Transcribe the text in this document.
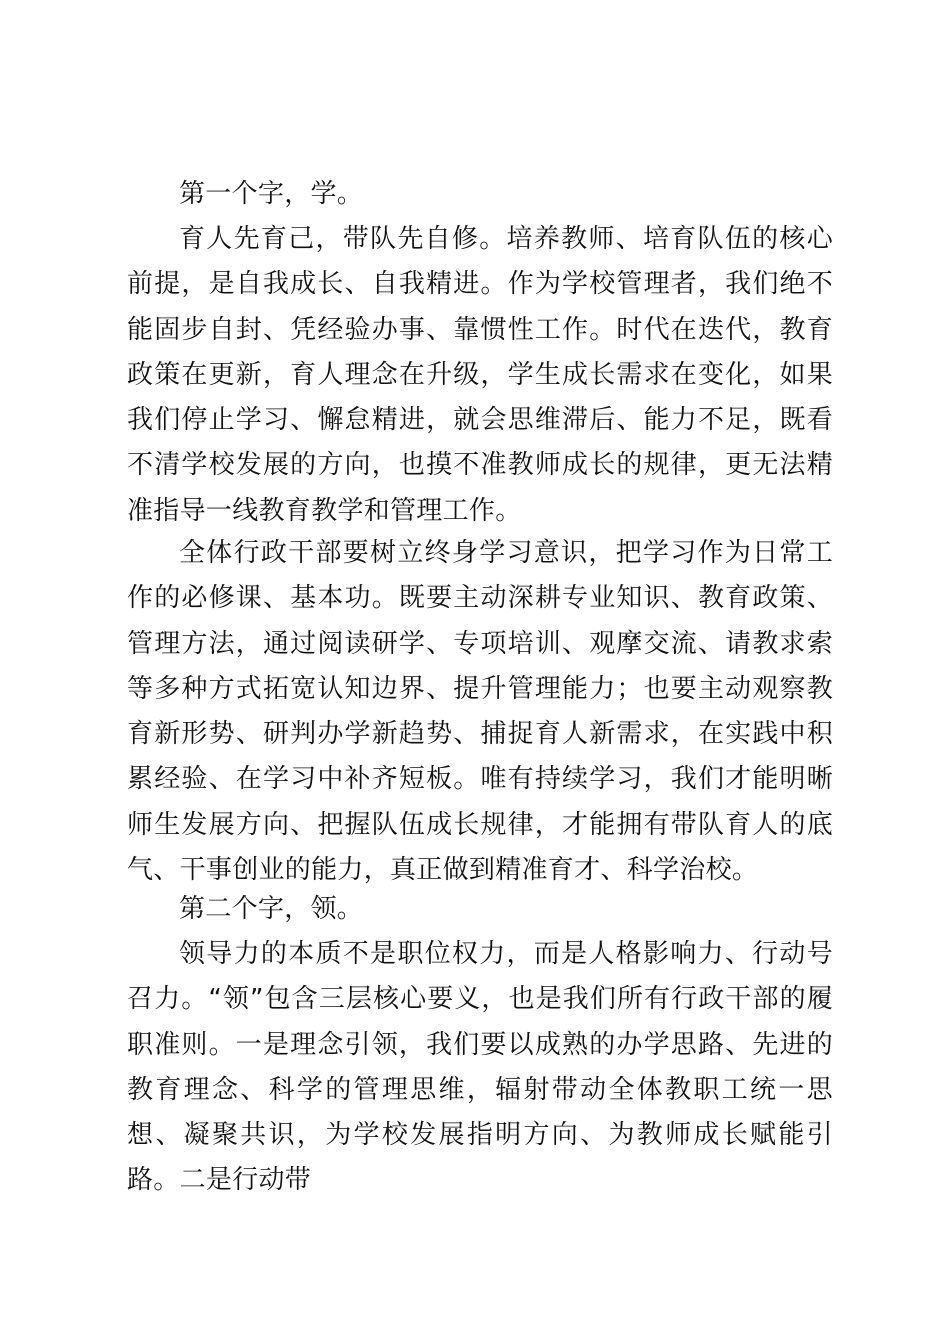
第一个字，学。

育人先育己，带队先自修。培养教师、培育队伍的核心前提，是自我成长、自我精进。作为学校管理者，我们绝不能固步自封、凭经验办事、靠惯性工作。时代在迭代，教育政策在更新，育人理念在升级，学生成长需求在变化，如果我们停止学习、懈怠精进，就会思维滞后、能力不足，既看不清学校发展的方向，也摸不准教师成长的规律，更无法精准指导一线教育教学和管理工作。

全体行政干部要树立终身学习意识，把学习作为日常工作的必修课、基本功。既要主动深耕专业知识、教育政策、管理方法，通过阅读研学、专项培训、观摩交流、请教求索等多种方式拓宽认知边界、提升管理能力；也要主动观察教育新形势、研判办学新趋势、捕捉育人新需求，在实践中积累经验、在学习中补齐短板。唯有持续学习，我们才能明晰师生发展方向、把握队伍成长规律，才能拥有带队育人的底气、干事创业的能力，真正做到精准育才、科学治校。

第二个字，领。

领导力的本质不是职位权力，而是人格影响力、行动号召力。“领”包含三层核心要义，也是我们所有行政干部的履职准则。一是理念引领，我们要以成熟的办学思路、先进的教育理念、科学的管理思维，辐射带动全体教职工统一思想、凝聚共识，为学校发展指明方向、为教师成长赋能引路。二是行动带
